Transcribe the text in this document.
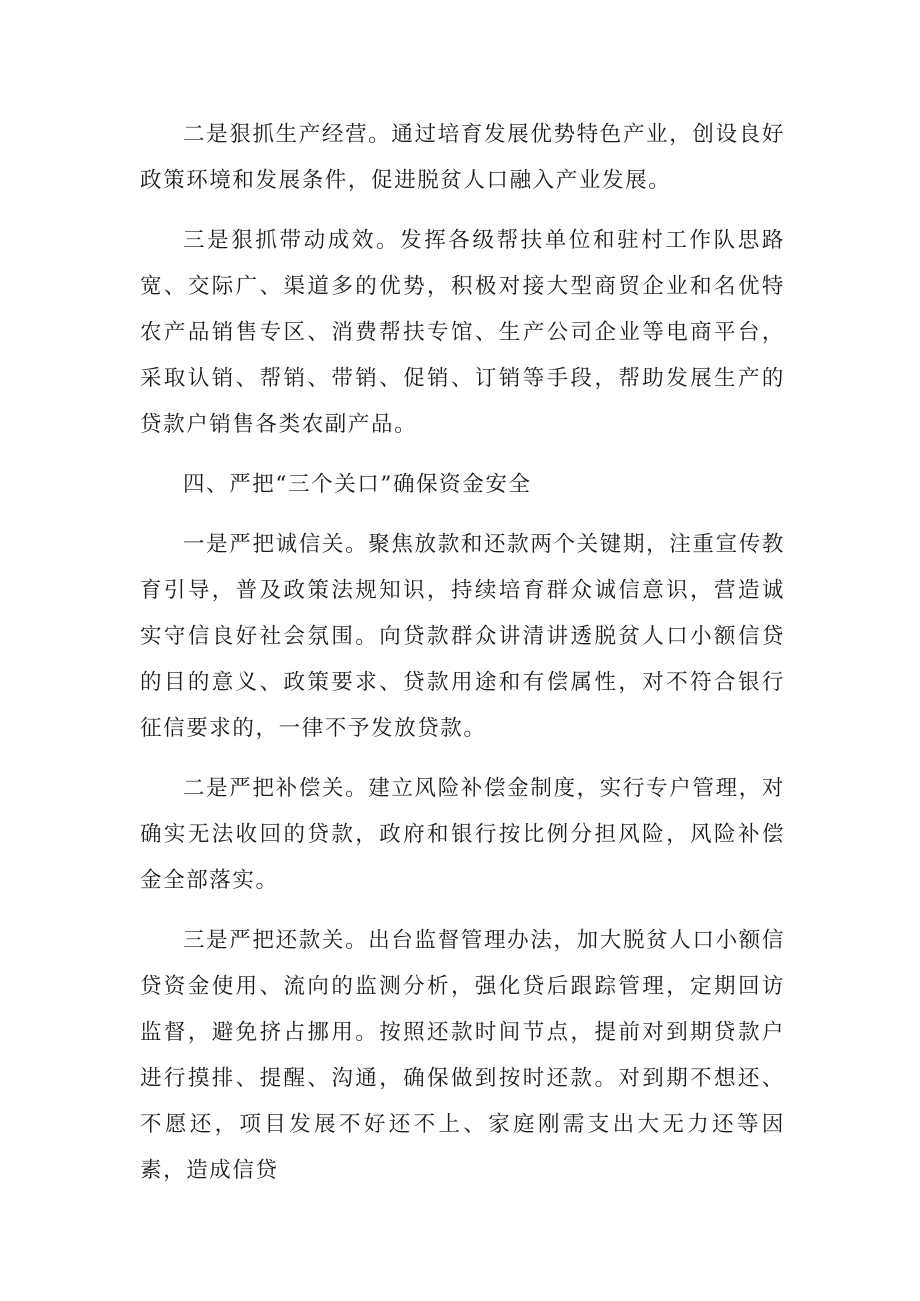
二是狠抓生产经营。通过培育发展优势特色产业，创设良好政策环境和发展条件，促进脱贫人口融入产业发展。

三是狠抓带动成效。发挥各级帮扶单位和驻村工作队思路宽、交际广、渠道多的优势，积极对接大型商贸企业和名优特农产品销售专区、消费帮扶专馆、生产公司企业等电商平台，采取认销、帮销、带销、促销、订销等手段，帮助发展生产的贷款户销售各类农副产品。

四、严把“三个关口”确保资金安全

一是严把诚信关。聚焦放款和还款两个关键期，注重宣传教育引导，普及政策法规知识，持续培育群众诚信意识，营造诚实守信良好社会氛围。向贷款群众讲清讲透脱贫人口小额信贷的目的意义、政策要求、贷款用途和有偿属性，对不符合银行征信要求的，一律不予发放贷款。

二是严把补偿关。建立风险补偿金制度，实行专户管理，对确实无法收回的贷款，政府和银行按比例分担风险，风险补偿金全部落实。

三是严把还款关。出台监督管理办法，加大脱贫人口小额信贷资金使用、流向的监测分析，强化贷后跟踪管理，定期回访监督，避免挤占挪用。按照还款时间节点，提前对到期贷款户进行摸排、提醒、沟通，确保做到按时还款。对到期不想还、不愿还，项目发展不好还不上、家庭刚需支出大无力还等因素，造成信贷
